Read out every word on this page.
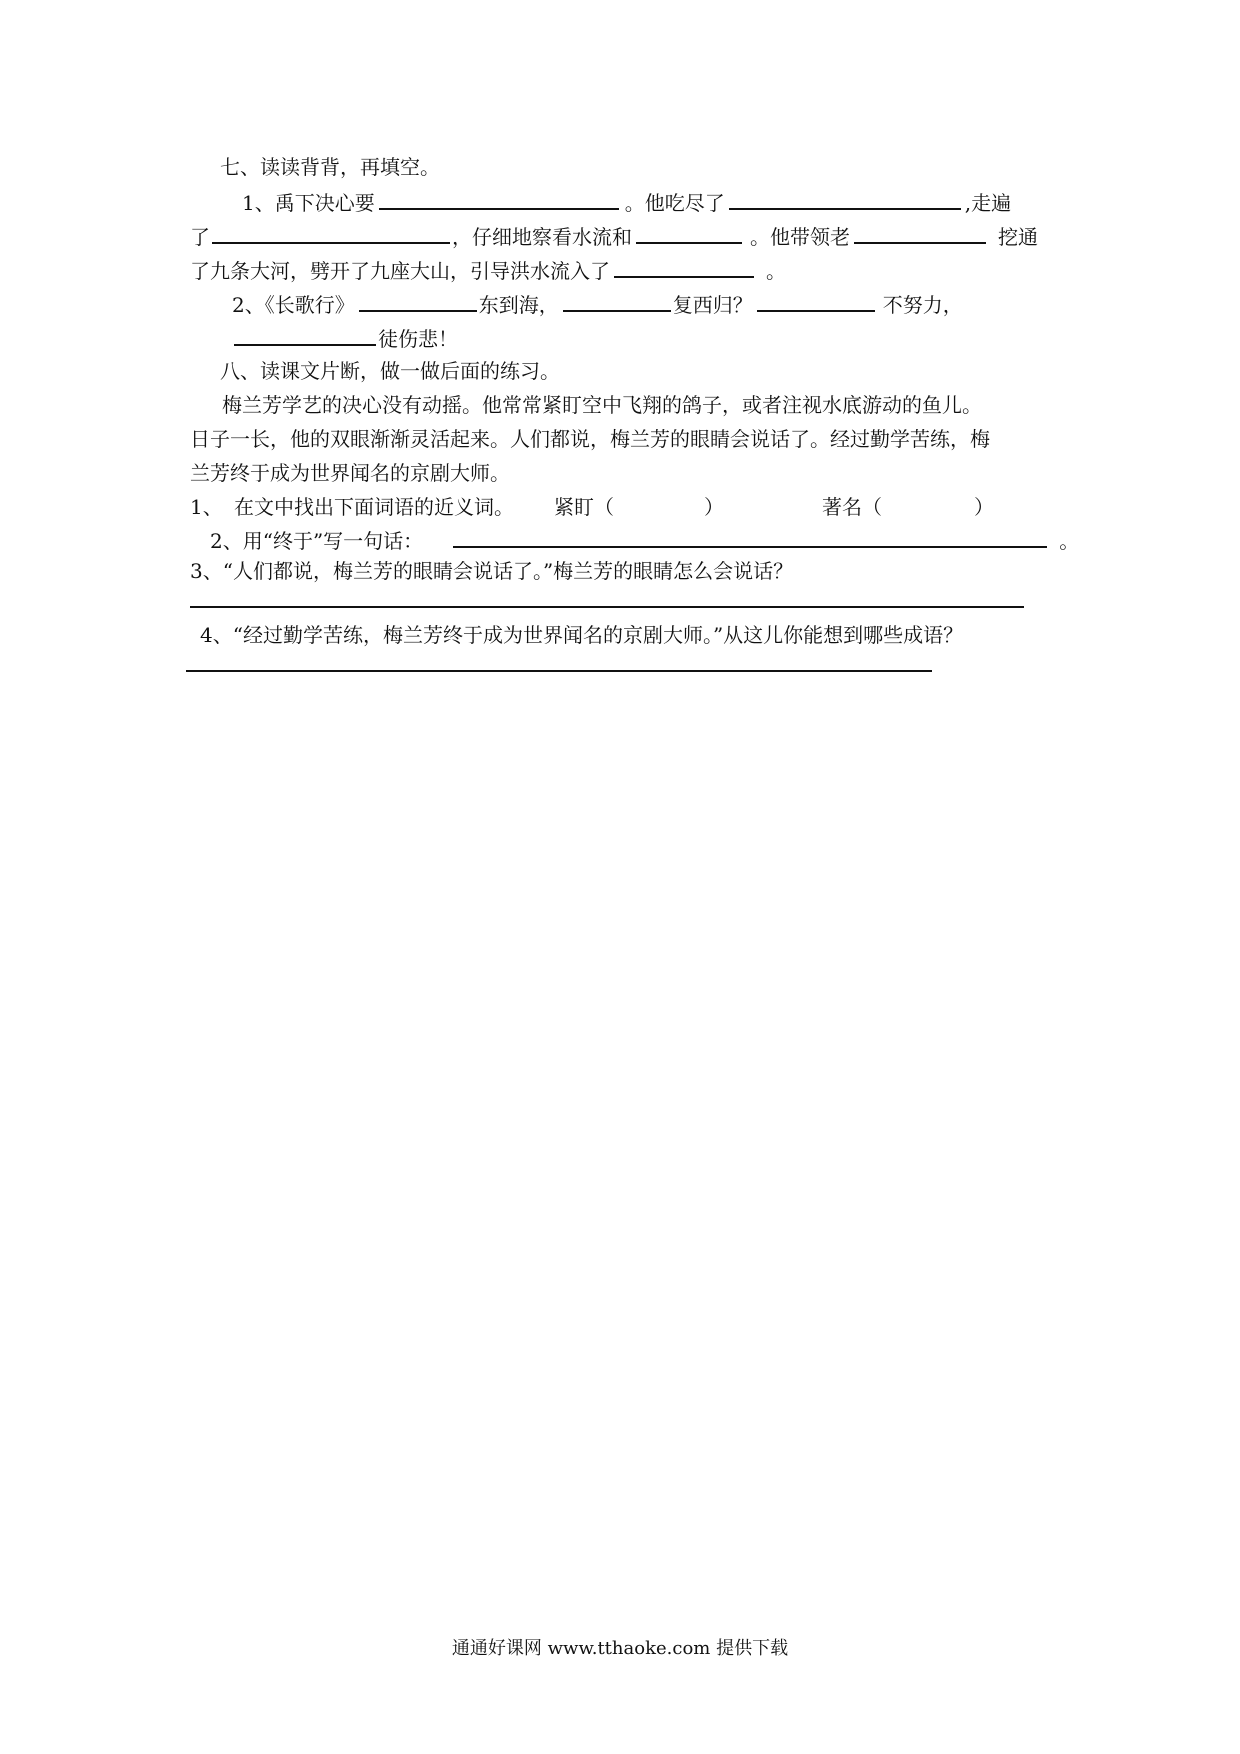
七、读读背背，再填空。
1、禹下决心要	。他吃尽了	,走遍
了	，仔细地察看水流和	。他带领老	挖通
了九条大河，劈开了九座大山，引导洪水流入了	。
2、《长歌行》	东到海，	复西归？	不努力，
徒伤悲！
八、读课文片断，做一做后面的练习。
梅兰芳学艺的决心没有动摇。他常常紧盯空中飞翔的鸽子，或者注视水底游动的鱼儿。
日子一长，他的双眼渐渐灵活起来。人们都说，梅兰芳的眼睛会说话了。经过勤学苦练，梅
兰芳终于成为世界闻名的京剧大师。
1、 在文中找出下面词语的近义词。 紧盯（	）	著名（	）
2、用“终于”写一句话：	。
3、“人们都说，梅兰芳的眼睛会说话了。”梅兰芳的眼睛怎么会说话？
4、“经过勤学苦练，梅兰芳终于成为世界闻名的京剧大师。”从这儿你能想到哪些成语？
通通好课网 www.tthaoke.com 提供下载
